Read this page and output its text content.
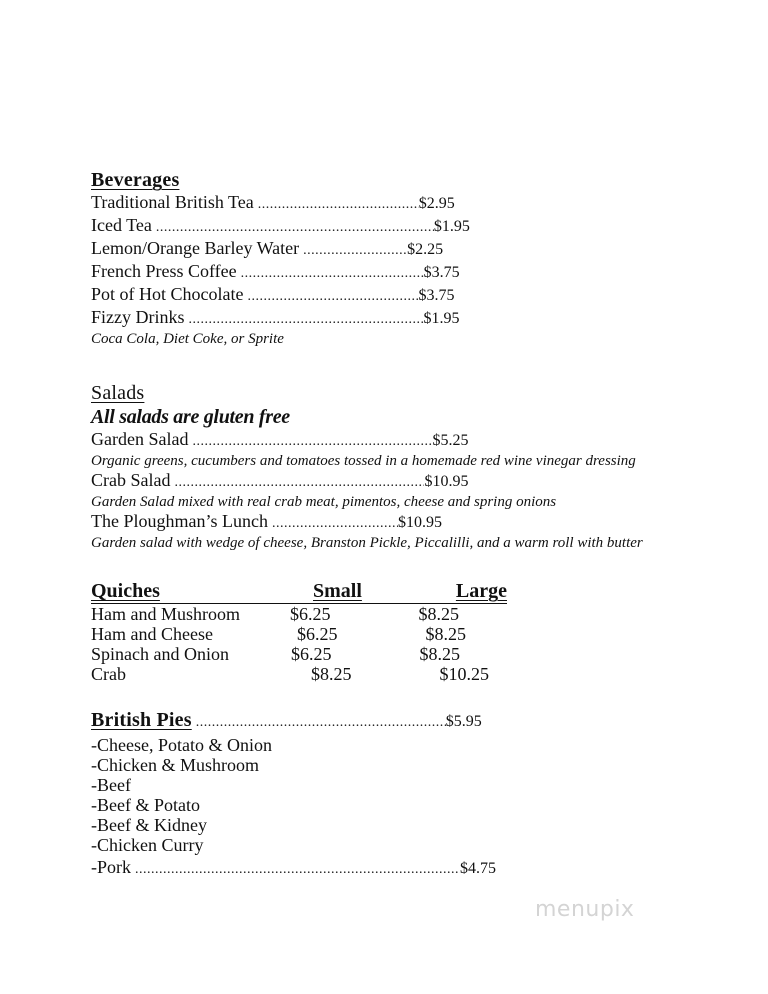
Beverages
Traditional British Tea .....	$2.95
Iced Tea .....	$1.95
Lemon/Orange Barley Water .....	$2.25
French Press Coffee .....	$3.75
Pot of Hot Chocolate .....	$3.75
Fizzy Drinks .....	$1.95
Coca Cola, Diet Coke, or Sprite
Salads
All salads are gluten free
Garden Salad .....	$5.25
Organic greens, cucumbers and tomatoes tossed in a homemade red wine vinegar dressing
Crab Salad .....	$10.95
Garden Salad mixed with real crab meat, pimentos, cheese and spring onions
The Ploughman’s Lunch .....	$10.95
Garden salad with wedge of cheese, Branston Pickle, Piccalilli, and a warm roll with butter
Quiches	Small	Large
Ham and Mushroom	$6.25	$8.25
Ham and Cheese	$6.25	$8.25
Spinach and Onion	$6.25	$8.25
Crab	$8.25	$10.25
British Pies .....	$5.95
-Cheese, Potato & Onion
-Chicken & Mushroom
-Beef
-Beef & Potato
-Beef & Kidney
-Chicken Curry
-Pork .....	$4.75
menupix
